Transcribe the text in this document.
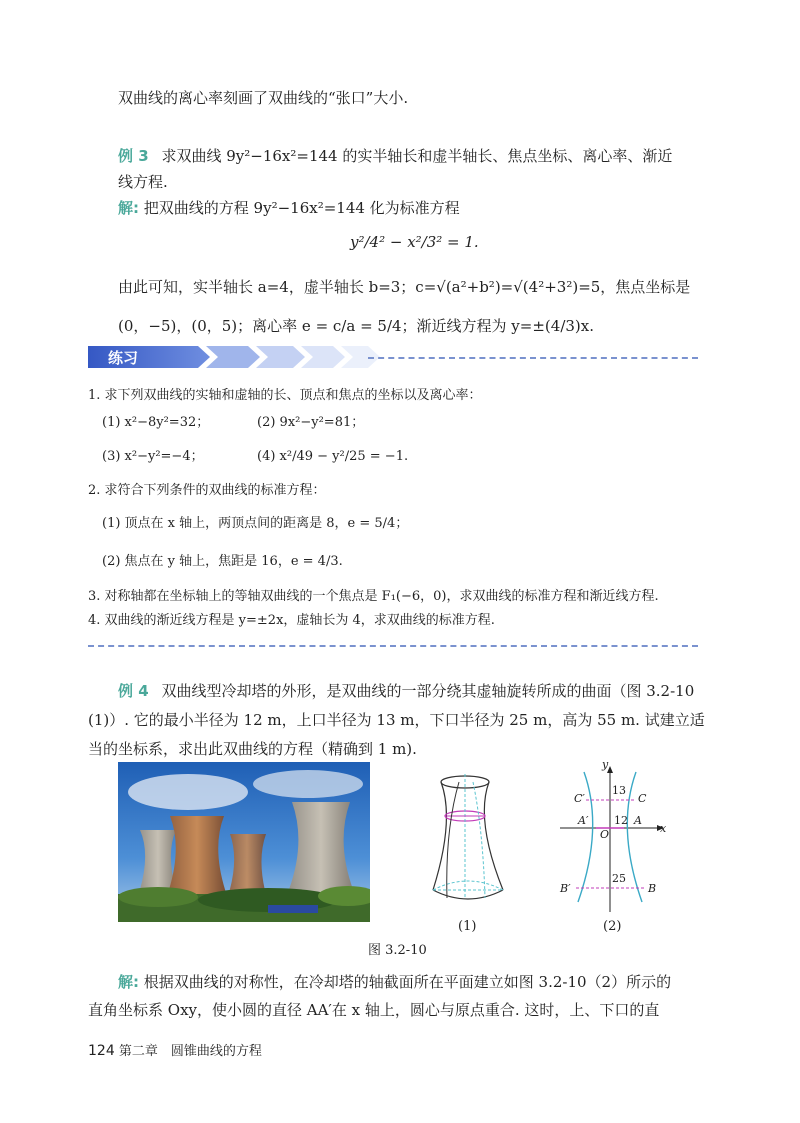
双曲线的离心率刻画了双曲线的“张口”大小.
例 3 求双曲线 9y²−16x²=144 的实半轴长和虚半轴长、焦点坐标、离心率、渐近
线方程.
解: 把双曲线的方程 9y²−16x²=144 化为标准方程
y²/4² − x²/3² = 1.
由此可知，实半轴长 a=4，虚半轴长 b=3；c=√(a²+b²)=√(4²+3²)=5，焦点坐标是
(0，−5)，(0，5)；离心率 e = c/a = 5/4；渐近线方程为 y=±(4/3)x.
练习
1. 求下列双曲线的实轴和虚轴的长、顶点和焦点的坐标以及离心率：
(1) x²−8y²=32；	(2) 9x²−y²=81；
(3) x²−y²=−4；	(4) x²/49 − y²/25 = −1.
2. 求符合下列条件的双曲线的标准方程：
(1) 顶点在 x 轴上，两顶点间的距离是 8，e = 5/4；
(2) 焦点在 y 轴上，焦距是 16，e = 4/3.
3. 对称轴都在坐标轴上的等轴双曲线的一个焦点是 F₁(−6，0)，求双曲线的标准方程和渐近线方程.
4. 双曲线的渐近线方程是 y=±2x，虚轴长为 4，求双曲线的标准方程.
例 4 双曲线型冷却塔的外形，是双曲线的一部分绕其虚轴旋转所成的曲面（图 3.2-10
(1)）. 它的最小半径为 12 m，上口半径为 13 m，下口半径为 25 m，高为 55 m. 试建立适
当的坐标系，求出此双曲线的方程（精确到 1 m).
(1)
y
x
O
C′	C
13
A′ 12 A
25
B′	B
(2)
图 3.2-10
解: 根据双曲线的对称性，在冷却塔的轴截面所在平面建立如图 3.2-10（2）所示的
直角坐标系 Oxy，使小圆的直径 AA′在 x 轴上，圆心与原点重合. 这时，上、下口的直
124 第二章　圆锥曲线的方程
